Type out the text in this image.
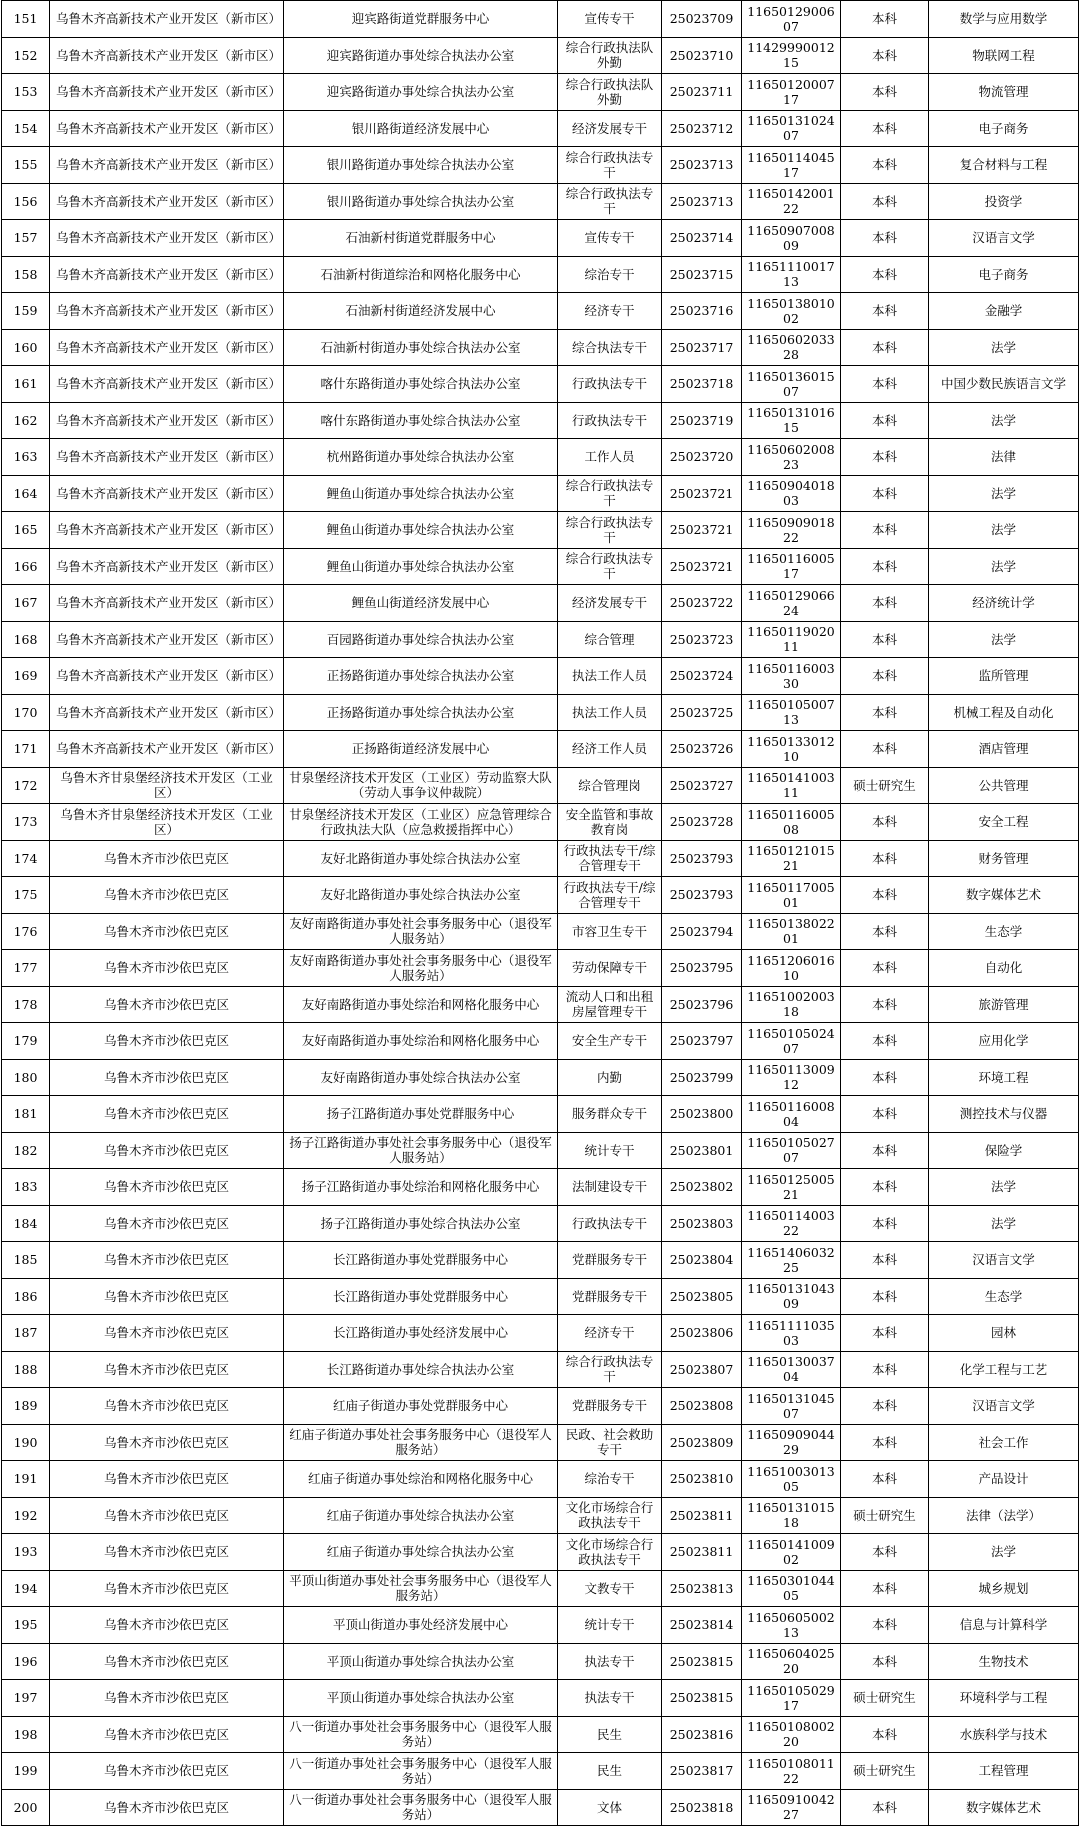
151	乌鲁木齐高新技术产业开发区（新市区）	迎宾路街道党群服务中心	宣传专干	25023709	1165012900607	本科	数学与应用数学
152	乌鲁木齐高新技术产业开发区（新市区）	迎宾路街道办事处综合执法办公室	综合行政执法队外勤	25023710	1142999001215	本科	物联网工程
153	乌鲁木齐高新技术产业开发区（新市区）	迎宾路街道办事处综合执法办公室	综合行政执法队外勤	25023711	1165012000717	本科	物流管理
154	乌鲁木齐高新技术产业开发区（新市区）	银川路街道经济发展中心	经济发展专干	25023712	1165013102407	本科	电子商务
155	乌鲁木齐高新技术产业开发区（新市区）	银川路街道办事处综合执法办公室	综合行政执法专干	25023713	1165011404517	本科	复合材料与工程
156	乌鲁木齐高新技术产业开发区（新市区）	银川路街道办事处综合执法办公室	综合行政执法专干	25023713	1165014200122	本科	投资学
157	乌鲁木齐高新技术产业开发区（新市区）	石油新村街道党群服务中心	宣传专干	25023714	1165090700809	本科	汉语言文学
158	乌鲁木齐高新技术产业开发区（新市区）	石油新村街道综治和网格化服务中心	综治专干	25023715	1165111001713	本科	电子商务
159	乌鲁木齐高新技术产业开发区（新市区）	石油新村街道经济发展中心	经济专干	25023716	1165013801002	本科	金融学
160	乌鲁木齐高新技术产业开发区（新市区）	石油新村街道办事处综合执法办公室	综合执法专干	25023717	1165060203328	本科	法学
161	乌鲁木齐高新技术产业开发区（新市区）	喀什东路街道办事处综合执法办公室	行政执法专干	25023718	1165013601507	本科	中国少数民族语言文学
162	乌鲁木齐高新技术产业开发区（新市区）	喀什东路街道办事处综合执法办公室	行政执法专干	25023719	1165013101615	本科	法学
163	乌鲁木齐高新技术产业开发区（新市区）	杭州路街道办事处综合执法办公室	工作人员	25023720	1165060200823	本科	法律
164	乌鲁木齐高新技术产业开发区（新市区）	鲤鱼山街道办事处综合执法办公室	综合行政执法专干	25023721	1165090401803	本科	法学
165	乌鲁木齐高新技术产业开发区（新市区）	鲤鱼山街道办事处综合执法办公室	综合行政执法专干	25023721	1165090901822	本科	法学
166	乌鲁木齐高新技术产业开发区（新市区）	鲤鱼山街道办事处综合执法办公室	综合行政执法专干	25023721	1165011600517	本科	法学
167	乌鲁木齐高新技术产业开发区（新市区）	鲤鱼山街道经济发展中心	经济发展专干	25023722	1165012906624	本科	经济统计学
168	乌鲁木齐高新技术产业开发区（新市区）	百园路街道办事处综合执法办公室	综合管理	25023723	1165011902011	本科	法学
169	乌鲁木齐高新技术产业开发区（新市区）	正扬路街道办事处综合执法办公室	执法工作人员	25023724	1165011600330	本科	监所管理
170	乌鲁木齐高新技术产业开发区（新市区）	正扬路街道办事处综合执法办公室	执法工作人员	25023725	1165010500713	本科	机械工程及自动化
171	乌鲁木齐高新技术产业开发区（新市区）	正扬路街道经济发展中心	经济工作人员	25023726	1165013301210	本科	酒店管理
172	乌鲁木齐甘泉堡经济技术开发区（工业区）	甘泉堡经济技术开发区（工业区）劳动监察大队（劳动人事争议仲裁院）	综合管理岗	25023727	1165014100311	硕士研究生	公共管理
173	乌鲁木齐甘泉堡经济技术开发区（工业区）	甘泉堡经济技术开发区（工业区）应急管理综合行政执法大队（应急救援指挥中心）	安全监管和事故教育岗	25023728	1165011600508	本科	安全工程
174	乌鲁木齐市沙依巴克区	友好北路街道办事处综合执法办公室	行政执法专干/综合管理专干	25023793	1165012101521	本科	财务管理
175	乌鲁木齐市沙依巴克区	友好北路街道办事处综合执法办公室	行政执法专干/综合管理专干	25023793	1165011700501	本科	数字媒体艺术
176	乌鲁木齐市沙依巴克区	友好南路街道办事处社会事务服务中心（退役军人服务站）	市容卫生专干	25023794	1165013802201	本科	生态学
177	乌鲁木齐市沙依巴克区	友好南路街道办事处社会事务服务中心（退役军人服务站）	劳动保障专干	25023795	1165120601610	本科	自动化
178	乌鲁木齐市沙依巴克区	友好南路街道办事处综治和网格化服务中心	流动人口和出租房屋管理专干	25023796	1165100200318	本科	旅游管理
179	乌鲁木齐市沙依巴克区	友好南路街道办事处综治和网格化服务中心	安全生产专干	25023797	1165010502407	本科	应用化学
180	乌鲁木齐市沙依巴克区	友好南路街道办事处综合执法办公室	内勤	25023799	1165011300912	本科	环境工程
181	乌鲁木齐市沙依巴克区	扬子江路街道办事处党群服务中心	服务群众专干	25023800	1165011600804	本科	测控技术与仪器
182	乌鲁木齐市沙依巴克区	扬子江路街道办事处社会事务服务中心（退役军人服务站）	统计专干	25023801	1165010502707	本科	保险学
183	乌鲁木齐市沙依巴克区	扬子江路街道办事处综治和网格化服务中心	法制建设专干	25023802	1165012500521	本科	法学
184	乌鲁木齐市沙依巴克区	扬子江路街道办事处综合执法办公室	行政执法专干	25023803	1165011400322	本科	法学
185	乌鲁木齐市沙依巴克区	长江路街道办事处党群服务中心	党群服务专干	25023804	1165140603225	本科	汉语言文学
186	乌鲁木齐市沙依巴克区	长江路街道办事处党群服务中心	党群服务专干	25023805	1165013104309	本科	生态学
187	乌鲁木齐市沙依巴克区	长江路街道办事处经济发展中心	经济专干	25023806	1165111103503	本科	园林
188	乌鲁木齐市沙依巴克区	长江路街道办事处综合执法办公室	综合行政执法专干	25023807	1165013003704	本科	化学工程与工艺
189	乌鲁木齐市沙依巴克区	红庙子街道办事处党群服务中心	党群服务专干	25023808	1165013104507	本科	汉语言文学
190	乌鲁木齐市沙依巴克区	红庙子街道办事处社会事务服务中心（退役军人服务站）	民政、社会救助专干	25023809	1165090904429	本科	社会工作
191	乌鲁木齐市沙依巴克区	红庙子街道办事处综治和网格化服务中心	综治专干	25023810	1165100301305	本科	产品设计
192	乌鲁木齐市沙依巴克区	红庙子街道办事处综合执法办公室	文化市场综合行政执法专干	25023811	1165013101518	硕士研究生	法律（法学）
193	乌鲁木齐市沙依巴克区	红庙子街道办事处综合执法办公室	文化市场综合行政执法专干	25023811	1165014100902	本科	法学
194	乌鲁木齐市沙依巴克区	平顶山街道办事处社会事务服务中心（退役军人服务站）	文教专干	25023813	1165030104405	本科	城乡规划
195	乌鲁木齐市沙依巴克区	平顶山街道办事处经济发展中心	统计专干	25023814	1165060500213	本科	信息与计算科学
196	乌鲁木齐市沙依巴克区	平顶山街道办事处综合执法办公室	执法专干	25023815	1165060402520	本科	生物技术
197	乌鲁木齐市沙依巴克区	平顶山街道办事处综合执法办公室	执法专干	25023815	1165010502917	硕士研究生	环境科学与工程
198	乌鲁木齐市沙依巴克区	八一街道办事处社会事务服务中心（退役军人服务站）	民生	25023816	1165010800220	本科	水族科学与技术
199	乌鲁木齐市沙依巴克区	八一街道办事处社会事务服务中心（退役军人服务站）	民生	25023817	1165010801122	硕士研究生	工程管理
200	乌鲁木齐市沙依巴克区	八一街道办事处社会事务服务中心（退役军人服务站）	文体	25023818	1165091004227	本科	数字媒体艺术
